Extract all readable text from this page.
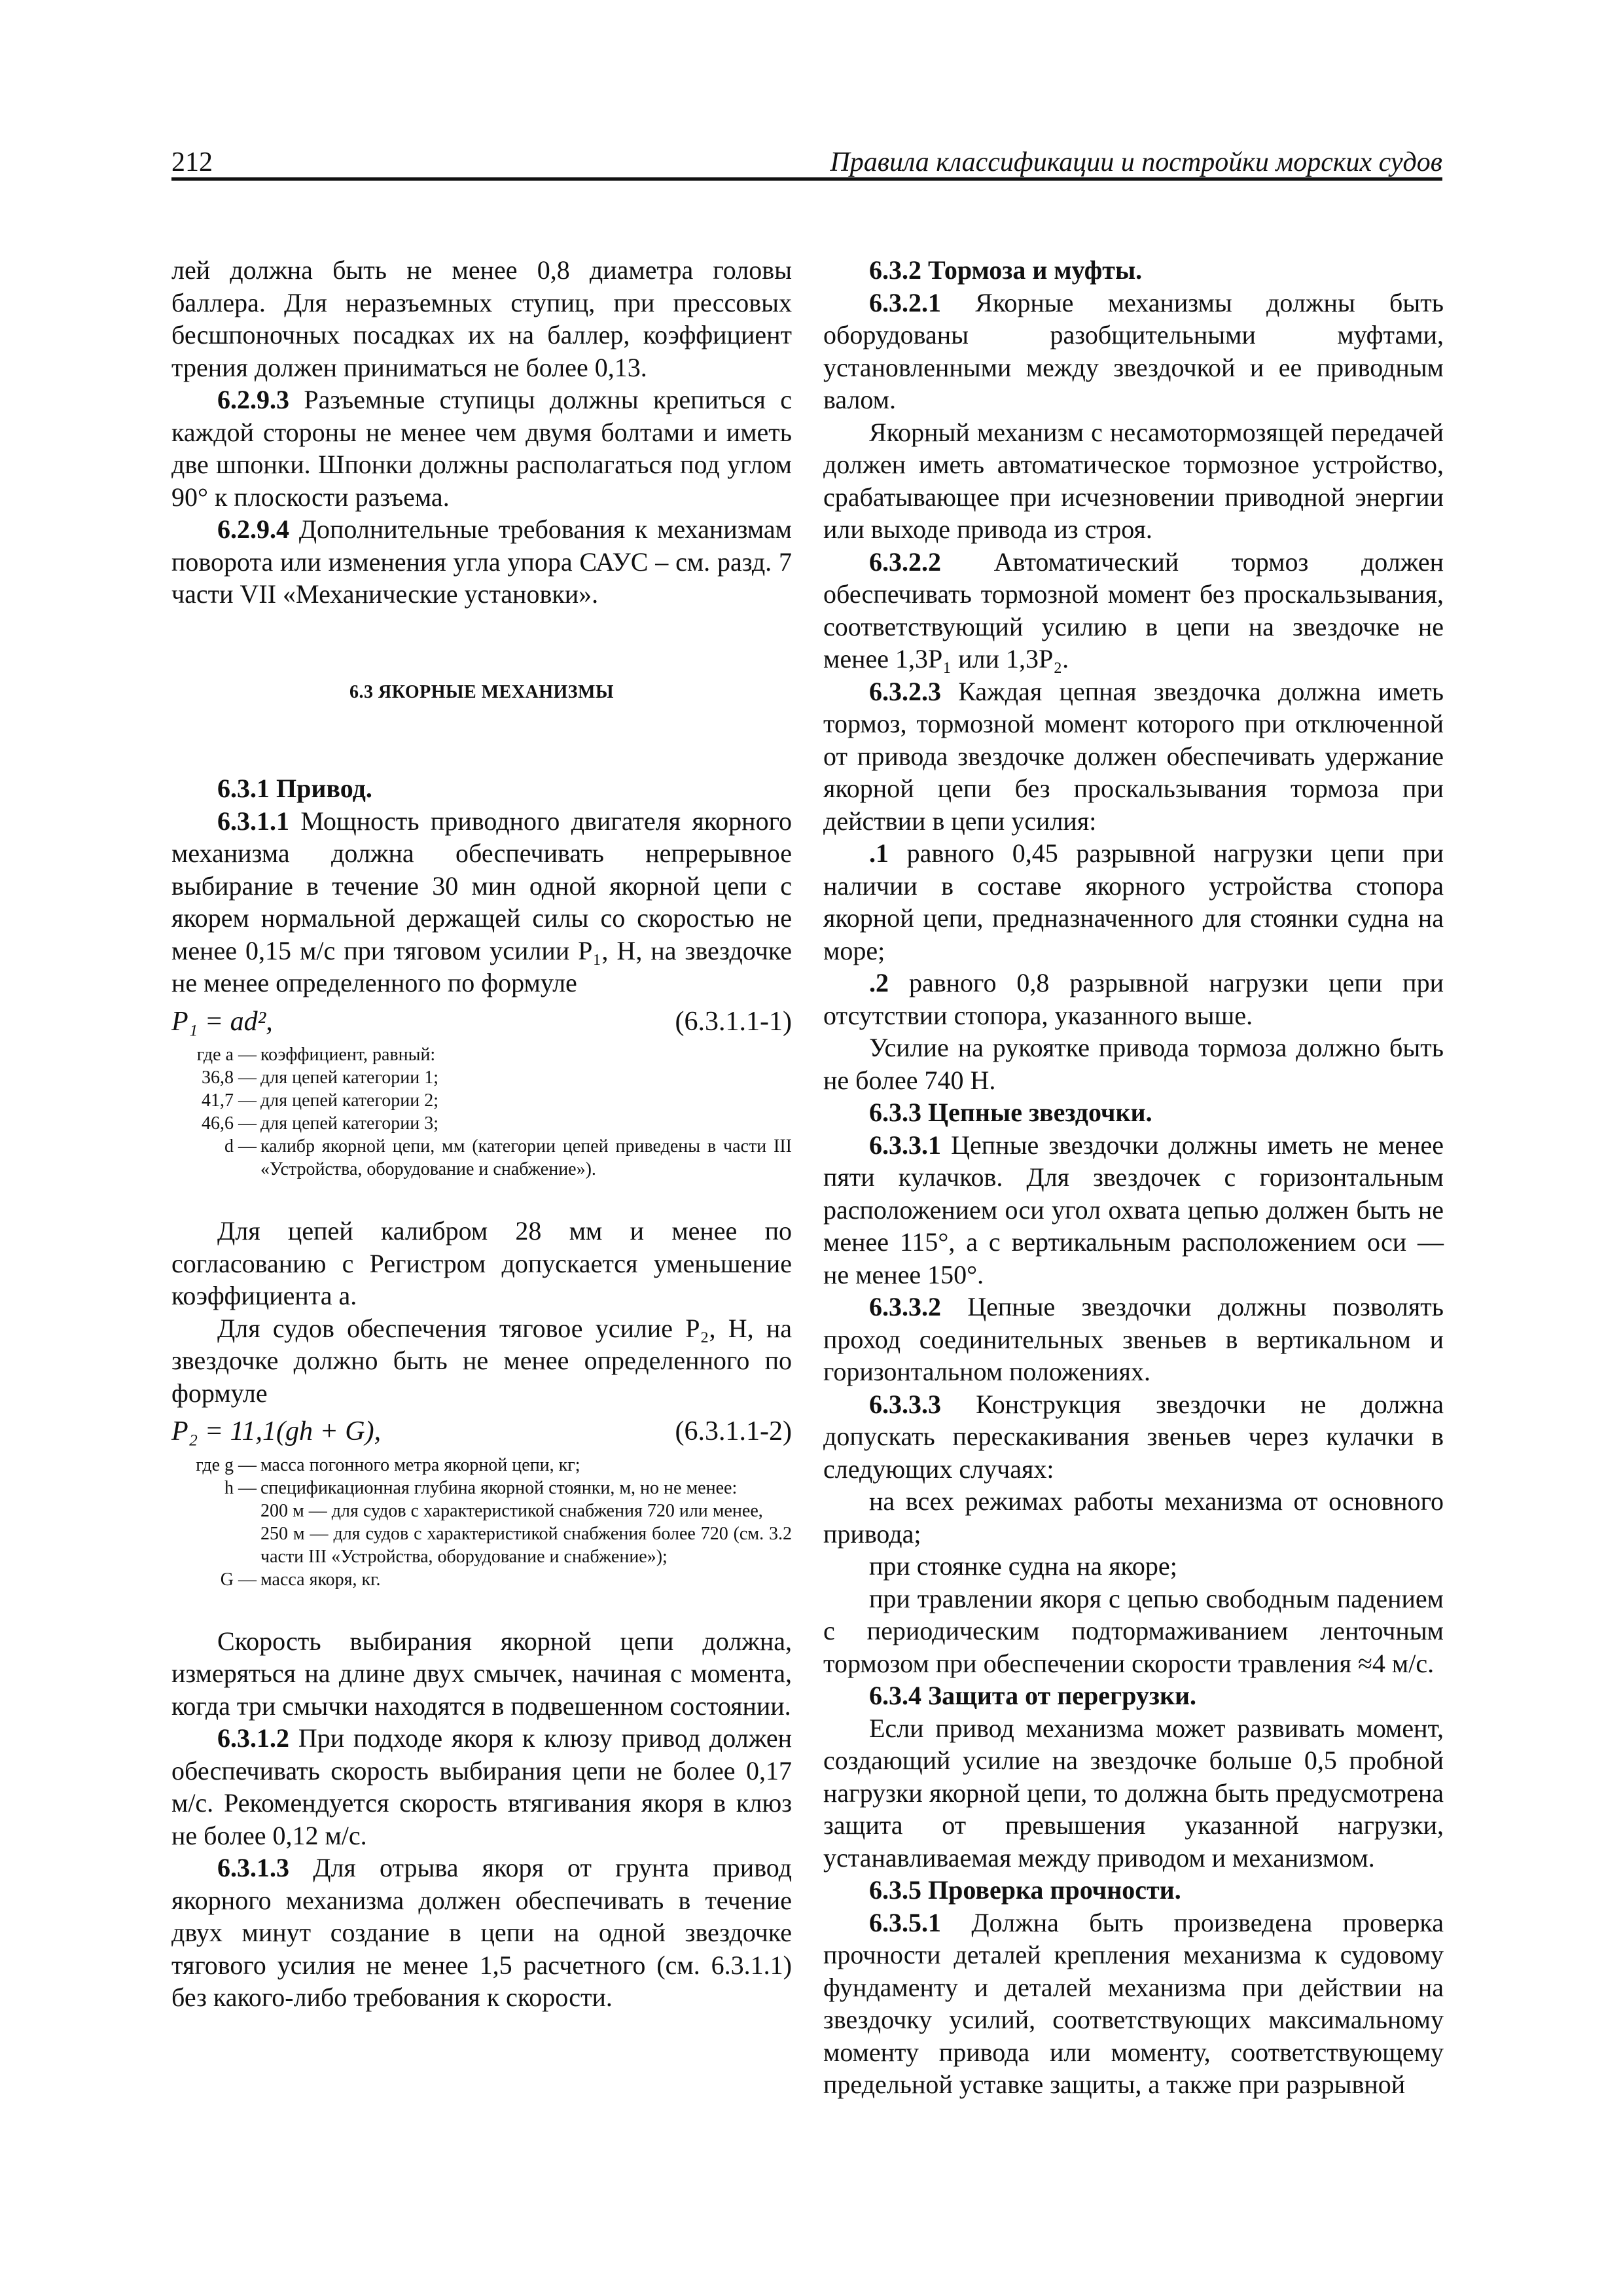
212	Правила классификации и постройки морских судов

лей должна быть не менее 0,8 диаметра головы баллера. Для неразъемных ступиц, при прессовых бесшпоночных посадках их на баллер, коэффициент трения должен приниматься не более 0,13.

6.2.9.3 Разъемные ступицы должны крепиться с каждой стороны не менее чем двумя болтами и иметь две шпонки. Шпонки должны располагаться под углом 90° к плоскости разъема.

6.2.9.4 Дополнительные требования к механизмам поворота или изменения угла упора САУС – см. разд. 7 части VII «Механические установки».

6.3 ЯКОРНЫЕ МЕХАНИЗМЫ

6.3.1 Привод.

6.3.1.1 Мощность приводного двигателя якорного механизма должна обеспечивать непрерывное выбирание в течение 30 мин одной якорной цепи с якорем нормальной держащей силы со скоростью не менее 0,15 м/с при тяговом усилии P₁, Н, на звездочке не менее определенного по формуле

P₁ = ad²,	(6.3.1.1-1)
где a — коэффициент, равный:
36,8 — для цепей категории 1;
41,7 — для цепей категории 2;
46,6 — для цепей категории 3;
d — калибр якорной цепи, мм (категории цепей приведены в части III «Устройства, оборудование и снабжение»).

Для цепей калибром 28 мм и менее по согласованию с Регистром допускается уменьшение коэффициента a.

Для судов обеспечения тяговое усилие P₂, Н, на звездочке должно быть не менее определенного по формуле

P₂ = 11,1(gh + G),	(6.3.1.1-2)
где g — масса погонного метра якорной цепи, кг;
h — спецификационная глубина якорной стоянки, м, но не менее:
200 м — для судов с характеристикой снабжения 720 или менее,
250 м — для судов с характеристикой снабжения более 720 (см. 3.2 части III «Устройства, оборудование и снабжение»);
G — масса якоря, кг.

Скорость выбирания якорной цепи должна, измеряться на длине двух смычек, начиная с момента, когда три смычки находятся в подвешенном состоянии.

6.3.1.2 При подходе якоря к клюзу привод должен обеспечивать скорость выбирания цепи не более 0,17 м/с. Рекомендуется скорость втягивания якоря в клюз не более 0,12 м/с.

6.3.1.3 Для отрыва якоря от грунта привод якорного механизма должен обеспечивать в течение двух минут создание в цепи на одной звездочке тягового усилия не менее 1,5 расчетного (см. 6.3.1.1) без какого-либо требования к скорости.

6.3.2 Тормоза и муфты.

6.3.2.1 Якорные механизмы должны быть оборудованы разобщительными муфтами, установленными между звездочкой и ее приводным валом.

Якорный механизм с несамотормозящей передачей должен иметь автоматическое тормозное устройство, срабатывающее при исчезновении приводной энергии или выходе привода из строя.

6.3.2.2 Автоматический тормоз должен обеспечивать тормозной момент без проскальзывания, соответствующий усилию в цепи на звездочке не менее 1,3P₁ или 1,3P₂.

6.3.2.3 Каждая цепная звездочка должна иметь тормоз, тормозной момент которого при отключенной от привода звездочке должен обеспечивать удержание якорной цепи без проскальзывания тормоза при действии в цепи усилия:

.1 равного 0,45 разрывной нагрузки цепи при наличии в составе якорного устройства стопора якорной цепи, предназначенного для стоянки судна на море;

.2 равного 0,8 разрывной нагрузки цепи при отсутствии стопора, указанного выше.

Усилие на рукоятке привода тормоза должно быть не более 740 Н.

6.3.3 Цепные звездочки.

6.3.3.1 Цепные звездочки должны иметь не менее пяти кулачков. Для звездочек с горизонтальным расположением оси угол охвата цепью должен быть не менее 115°, а с вертикальным расположением оси — не менее 150°.

6.3.3.2 Цепные звездочки должны позволять проход соединительных звеньев в вертикальном и горизонтальном положениях.

6.3.3.3 Конструкция звездочки не должна допускать перескакивания звеньев через кулачки в следующих случаях:

на всех режимах работы механизма от основного привода;

при стоянке судна на якоре;

при травлении якоря с цепью свободным падением с периодическим подтормаживанием ленточным тормозом при обеспечении скорости травления ≈4 м/с.

6.3.4 Защита от перегрузки.

Если привод механизма может развивать момент, создающий усилие на звездочке больше 0,5 пробной нагрузки якорной цепи, то должна быть предусмотрена защита от превышения указанной нагрузки, устанавливаемая между приводом и механизмом.

6.3.5 Проверка прочности.

6.3.5.1 Должна быть произведена проверка прочности деталей крепления механизма к судовому фундаменту и деталей механизма при действии на звездочку усилий, соответствующих максимальному моменту привода или моменту, соответствующему предельной уставке защиты, а также при разрывной
